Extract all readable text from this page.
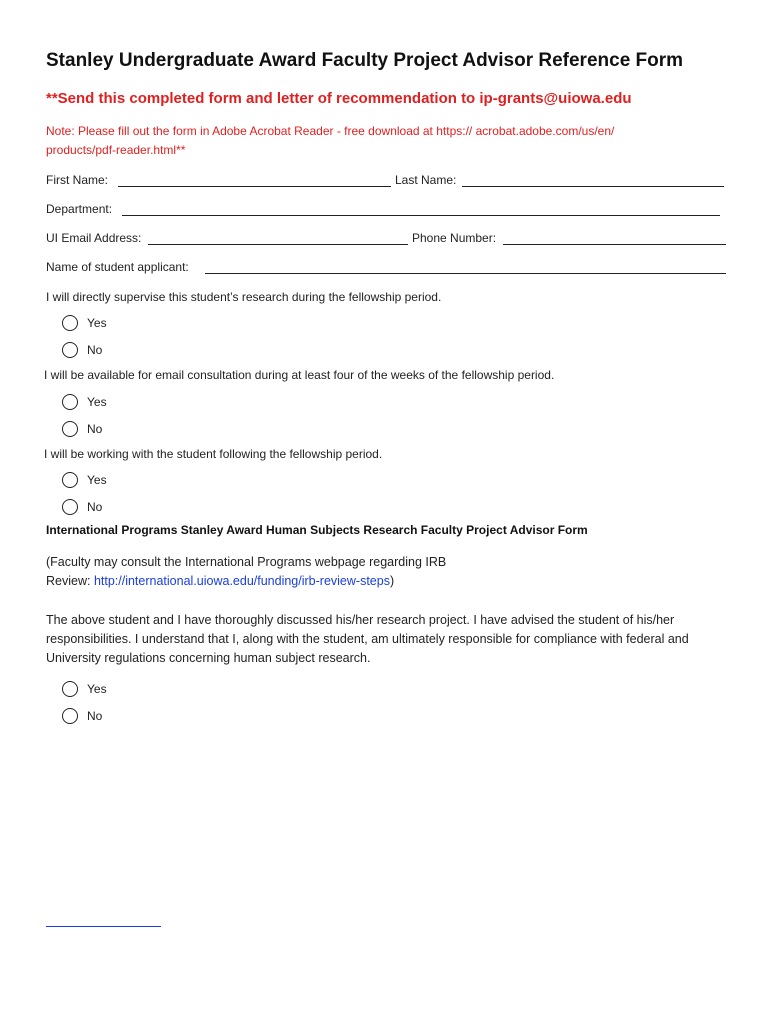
Stanley Undergraduate Award Faculty Project Advisor Reference Form
**Send this completed form and letter of recommendation to ip-grants@uiowa.edu
Note: Please fill out the form in Adobe Acrobat Reader - free download at https:// acrobat.adobe.com/us/en/
products/pdf-reader.html**
First Name:	Last Name:
Department:
UI Email Address:	Phone Number:
Name of student applicant:
I will directly supervise this student’s research during the fellowship period.
Yes
No
I will be available for email consultation during at least four of the weeks of the fellowship period.
Yes
No
I will be working with the student following the fellowship period.
Yes
No
International Programs Stanley Award Human Subjects Research Faculty Project Advisor Form
(Faculty may consult the International Programs webpage regarding IRB
Review: http://international.uiowa.edu/funding/irb-review-steps)
The above student and I have thoroughly discussed his/her research project. I have advised the student of his/her responsibilities. I understand that I, along with the student, am ultimately responsible for compliance with federal and University regulations concerning human subject research.
Yes
No
